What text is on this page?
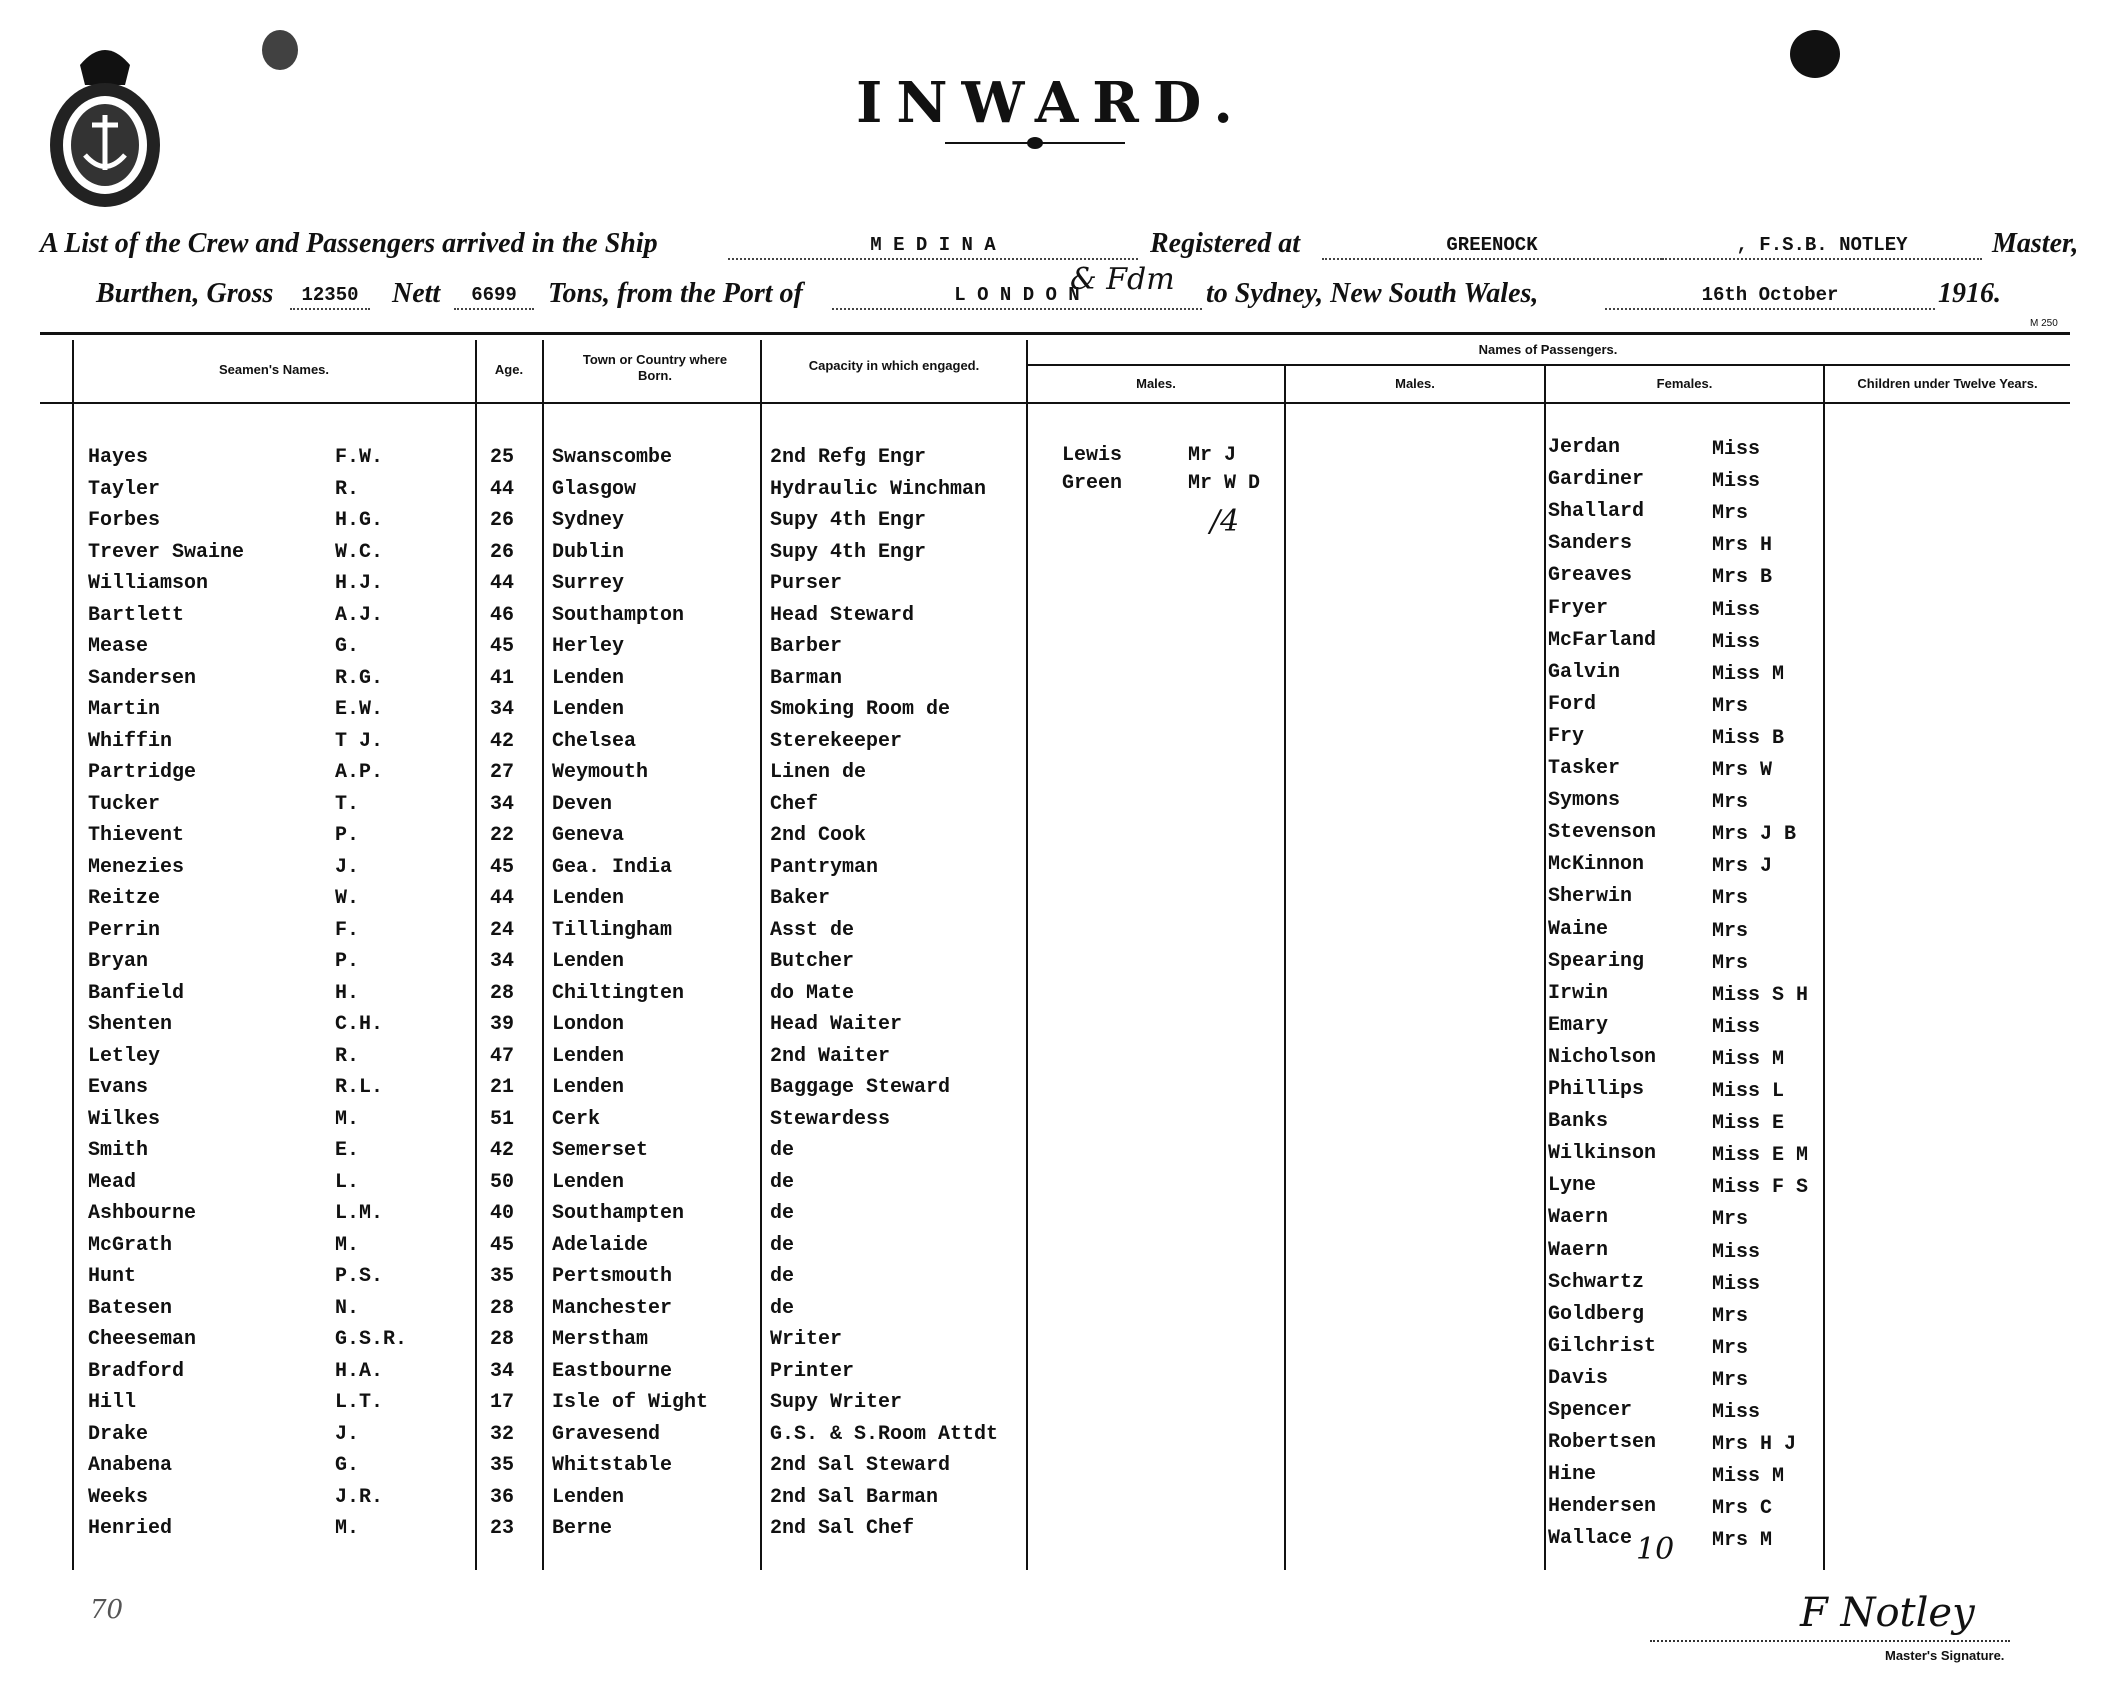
INWARD.
A List of the Crew and Passengers arrived in the Ship	M E D I N A	Registered at	GREENOCK	, F.S.B. NOTLEY	Master,
Burthen, Gross	12350	Nett	6699	Tons, from the Port of	L O N D O N
& Fdm to Sydney, New South Wales,	16th October	1916.
M 250
Seamen's Names.	Age.
Town or Country where Born.
Capacity in which engaged.
Names of Passengers.
Males.	Males.	Females.	Children under Twelve Years.
Hayes	F.W.	25 Swanscombe	2nd Refg Engr
Tayler	R.	44 Glasgow	Hydraulic Winchman
Forbes	H.G.	26 Sydney	Supy 4th Engr
Trever Swaine	W.C.	26 Dublin	Supy 4th Engr
Williamson	H.J.	44 Surrey	Purser
Bartlett	A.J.	46 Southampton	Head Steward
Mease	G.	45 Herley	Barber
Sandersen	R.G.	41 Lenden	Barman
Martin	E.W.	34 Lenden	Smoking Room de
Whiffin	T J.	42 Chelsea	Sterekeeper
Partridge	A.P.	27 Weymouth	Linen de
Tucker	T.	34 Deven	Chef
Thievent	P.	22 Geneva	2nd Cook
Menezies	J.	45 Gea. India	Pantryman
Reitze	W.	44 Lenden	Baker
Perrin	F.	24 Tillingham	Asst de
Bryan	P.	34 Lenden	Butcher
Banfield	H.	28 Chiltingten	do Mate
Shenten	C.H.	39 London	Head Waiter
Letley	R.	47 Lenden	2nd Waiter
Evans	R.L.	21 Lenden	Baggage Steward
Wilkes	M.	51 Cerk	Stewardess
Smith	E.	42 Semerset	de
Mead	L.	50 Lenden	de
Ashbourne	L.M.	40 Southampten	de
McGrath	M.	45 Adelaide	de
Hunt	P.S.	35 Pertsmouth	de
Batesen	N.	28 Manchester	de
Cheeseman	G.S.R.	28 Merstham	Writer
Bradford	H.A.	34 Eastbourne	Printer
Hill	L.T.	17 Isle of Wight	Supy Writer
Drake	J.	32 Gravesend	G.S. & S.Room Attdt
Anabena	G.	35 Whitstable	2nd Sal Steward
Weeks	J.R.	36 Lenden	2nd Sal Barman
Henried	M.	23 Berne	2nd Sal Chef
Lewis	Mr J
Green	Mr W D
/4
Jerdan	Miss
Gardiner	Miss
Shallard	Mrs
Sanders	Mrs H
Greaves	Mrs B
Fryer	Miss
McFarland	Miss
Galvin	Miss M
Ford	Mrs
Fry	Miss B
Tasker	Mrs W
Symons	Mrs
Stevenson	Mrs J B
McKinnon	Mrs J
Sherwin	Mrs
Waine	Mrs
Spearing	Mrs
Irwin	Miss S H
Emary	Miss
Nicholson	Miss M
Phillips	Miss L
Banks	Miss E
Wilkinson	Miss E M
Lyne	Miss F S
Waern	Mrs
Waern	Miss
Schwartz	Miss
Goldberg	Mrs
Gilchrist	Mrs
Davis	Mrs
Spencer	Miss
Robertsen	Mrs H J
Hine	Miss M
Hendersen	Mrs C
Wallace	Mrs M
10
70	F Notley
Master's Signature.
